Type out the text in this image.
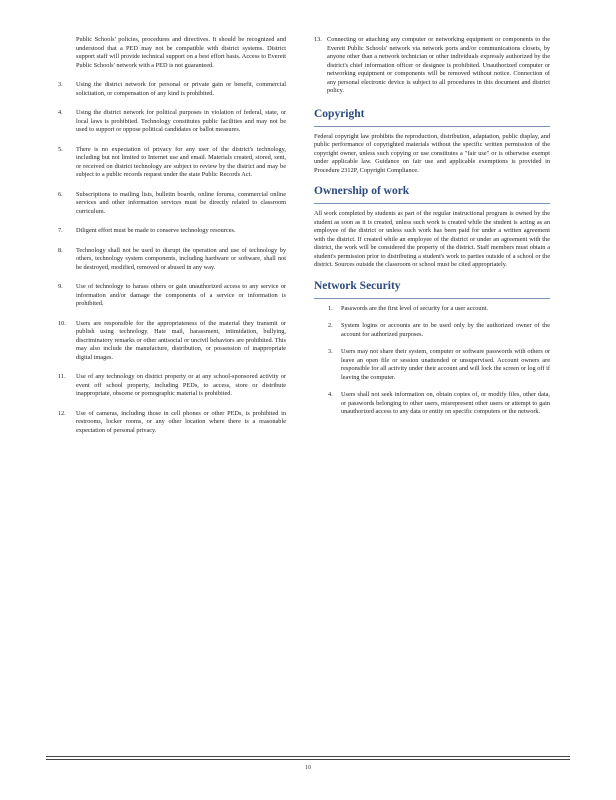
Public Schools' policies, procedures and directives. It should be recognized and understood that a PED may not be compatible with district systems. District support staff will provide technical support on a best effort basis. Access to Everett Public Schools' network with a PED is not guaranteed.

3.	Using the district network for personal or private gain or benefit, commercial solicitation, or compensation of any kind is prohibited.
4.	Using the district network for political purposes in violation of federal, state, or local laws is prohibited. Technology constitutes public facilities and may not be used to support or oppose political candidates or ballot measures.
5.	There is no expectation of privacy for any user of the district's technology, including but not limited to Internet use and email. Materials created, stored, sent, or received on district technology are subject to review by the district and may be subject to a public records request under the state Public Records Act.
6.	Subscriptions to mailing lists, bulletin boards, online forums, commercial online services and other information services must be directly related to classroom curriculum.
7.	Diligent effort must be made to conserve technology resources.
8.	Technology shall not be used to disrupt the operation and use of technology by others, technology system components, including hardware or software, shall not be destroyed, modified, removed or abused in any way.
9.	Use of technology to harass others or gain unauthorized access to any service or information and/or damage the components of a service or information is prohibited.
10.	Users are responsible for the appropriateness of the material they transmit or publish using technology. Hate mail, harassment, intimidation, bullying, discriminatory remarks or other antisocial or uncivil behaviors are prohibited. This may also include the manufacture, distribution, or possession of inappropriate digital images.
11.	Use of any technology on district property or at any school-sponsored activity or event off school property, including PEDs, to access, store or distribute inappropriate, obscene or pornographic material is prohibited.
12.	Use of cameras, including those in cell phones or other PEDs, is prohibited in restrooms, locker rooms, or any other location where there is a reasonable expectation of personal privacy.
13. Connecting or attaching any computer or networking equipment or components to the Everett Public Schools' network via network ports and/or communications closets, by anyone other than a network technician or other individuals expressly authorized by the district's chief information officer or designee is prohibited. Unauthorized computer or networking equipment or components will be removed without notice. Connection of any personal electronic device is subject to all procedures in this document and district policy.
Copyright

Federal copyright law prohibits the reproduction, distribution, adaptation, public display, and public performance of copyrighted materials without the specific written permission of the copyright owner, unless such copying or use constitutes a "fair use" or is otherwise exempt under applicable law. Guidance on fair use and applicable exemptions is provided in Procedure 2312P, Copyright Compliance.

Ownership of work

All work completed by students as part of the regular instructional program is owned by the student as soon as it is created, unless such work is created while the student is acting as an employee of the district or unless such work has been paid for under a written agreement with the district. If created while an employee of the district or under an agreement with the district, the work will be considered the property of the district. Staff members must obtain a student's permission prior to distributing a student's work to parties outside of a school or the district. Sources outside the classroom or school must be cited appropriately.

Network Security
1.	Passwords are the first level of security for a user account.
2.	System logins or accounts are to be used only by the authorized owner of the account for authorized purposes.
3.	Users may not share their system, computer or software passwords with others or leave an open file or session unattended or unsupervised. Account owners are responsible for all activity under their account and will lock the screen or log off if leaving the computer.
4.	Users shall not seek information on, obtain copies of, or modify files, other data, or passwords belonging to other users, misrepresent other users or attempt to gain unauthorized access to any data or entity on specific computers or the network.
10
